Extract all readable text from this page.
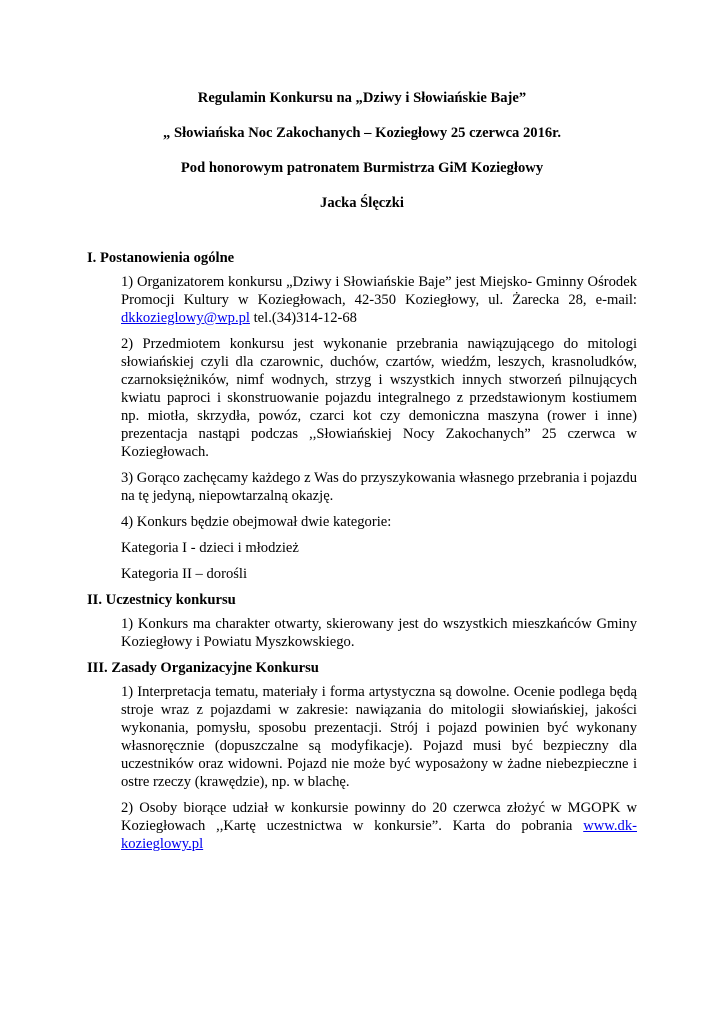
Regulamin Konkursu na „Dziwy i Słowiańskie Baje”
„ Słowiańska Noc Zakochanych – Koziegłowy 25 czerwca 2016r.
Pod honorowym patronatem Burmistrza GiM Koziegłowy
Jacka Ślęczki
I. Postanowienia ogólne

1) Organizatorem konkursu „Dziwy i Słowiańskie Baje” jest Miejsko- Gminny Ośrodek Promocji Kultury w Koziegłowach, 42-350 Koziegłowy, ul. Żarecka 28, e-mail: dkkozieglowy@wp.pl tel.(34)314-12-68

2) Przedmiotem konkursu jest wykonanie przebrania nawiązującego do mitologi słowiańskiej czyli dla czarownic, duchów, czartów, wiedźm, leszych, krasnoludków, czarnoksiężników, nimf wodnych, strzyg i wszystkich innych stworzeń pilnujących kwiatu paproci i skonstruowanie pojazdu integralnego z przedstawionym kostiumem np. miotła, skrzydła, powóz, czarci kot czy demoniczna maszyna (rower i inne) prezentacja nastąpi podczas ,,Słowiańskiej Nocy Zakochanych” 25 czerwca w Koziegłowach.

3) Gorąco zachęcamy każdego z Was do przyszykowania własnego przebrania i pojazdu na tę jedyną, niepowtarzalną okazję.

4) Konkurs będzie obejmował dwie kategorie:

Kategoria I - dzieci i młodzież

Kategoria II – dorośli

II. Uczestnicy konkursu

1) Konkurs ma charakter otwarty, skierowany jest do wszystkich mieszkańców Gminy Koziegłowy i Powiatu Myszkowskiego.

III. Zasady Organizacyjne Konkursu

1) Interpretacja tematu, materiały i forma artystyczna są dowolne. Ocenie podlega będą stroje wraz z pojazdami w zakresie: nawiązania do mitologii słowiańskiej, jakości wykonania, pomysłu, sposobu prezentacji. Strój i pojazd powinien być wykonany własnoręcznie (dopuszczalne są modyfikacje). Pojazd musi być bezpieczny dla uczestników oraz widowni. Pojazd nie może być wyposażony w żadne niebezpieczne i ostre rzeczy (krawędzie), np. w blachę.

2) Osoby biorące udział w konkursie powinny do 20 czerwca złożyć w MGOPK w Koziegłowach ,,Kartę uczestnictwa w konkursie”. Karta do pobrania www.dk-kozieglowy.pl
